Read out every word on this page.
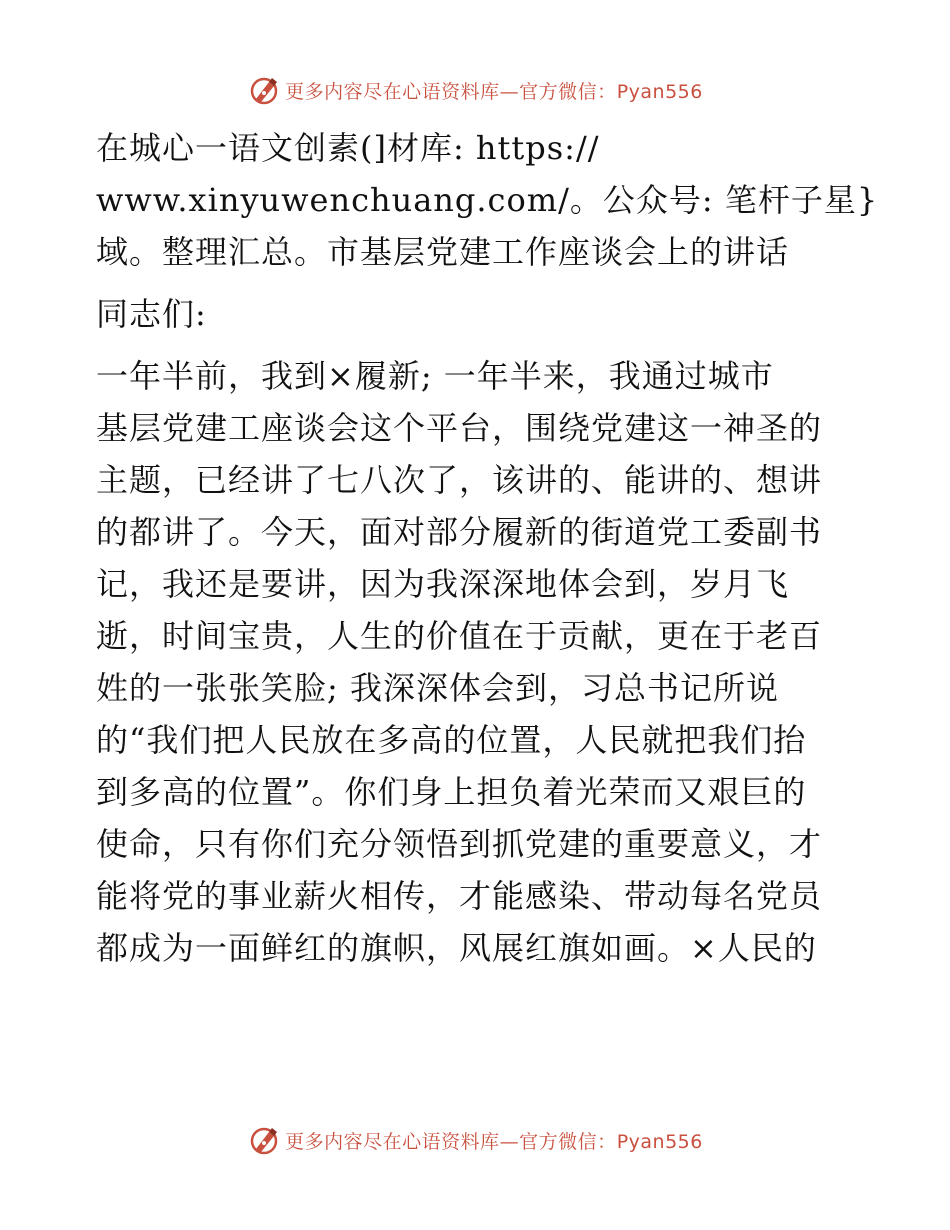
更多内容尽在心语资料库—官方微信：Pyan556
在城心一语文创素(]材库: https://
www.xinyuwenchuang.com/。公众号: 笔杆子星}
域。整理汇总。市基层党建工作座谈会上的讲话
同志们:
一年半前，我到×履新; 一年半来，我通过城市
基层党建工座谈会这个平台，围绕党建这一神圣的
主题，已经讲了七八次了，该讲的、能讲的、想讲
的都讲了。今天，面对部分履新的街道党工委副书
记，我还是要讲，因为我深深地体会到，岁月飞
逝，时间宝贵，人生的价值在于贡献，更在于老百
姓的一张张笑脸; 我深深体会到，习总书记所说
的“我们把人民放在多高的位置，人民就把我们抬
到多高的位置”。你们身上担负着光荣而又艰巨的
使命，只有你们充分领悟到抓党建的重要意义，才
能将党的事业薪火相传，才能感染、带动每名党员
都成为一面鲜红的旗帜，风展红旗如画。×人民的
更多内容尽在心语资料库—官方微信：Pyan556
